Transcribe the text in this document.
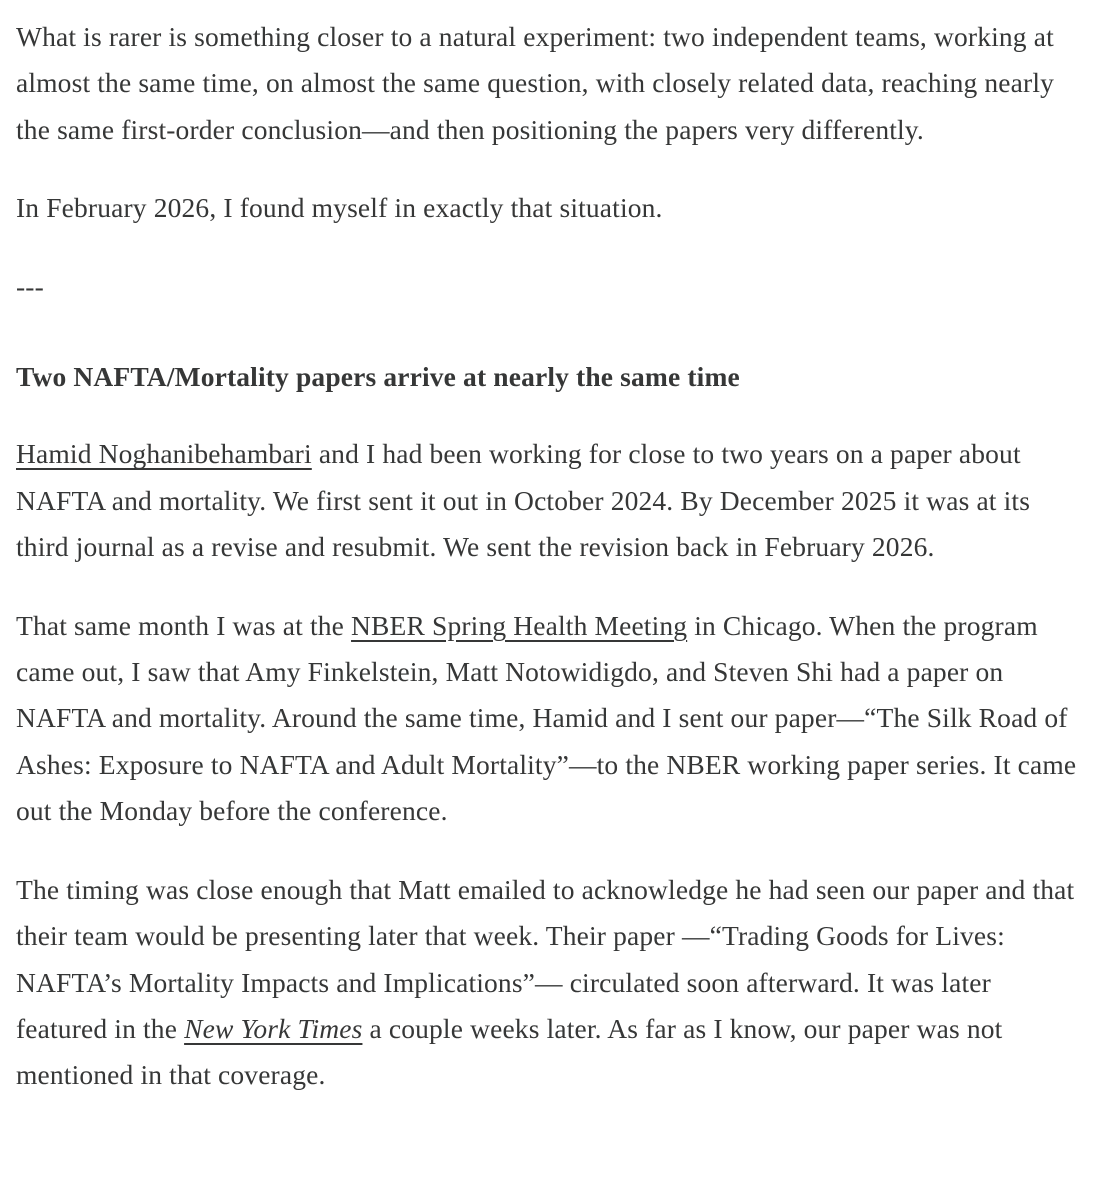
What is rarer is something closer to a natural experiment: two independent teams, working at almost the same time, on almost the same question, with closely related data, reaching nearly the same first-order conclusion—and then positioning the papers very differently.

In February 2026, I found myself in exactly that situation.

---

Two NAFTA/Mortality papers arrive at nearly the same time

Hamid Noghanibehambari and I had been working for close to two years on a paper about NAFTA and mortality. We first sent it out in October 2024. By December 2025 it was at its third journal as a revise and resubmit. We sent the revision back in February 2026.

That same month I was at the NBER Spring Health Meeting in Chicago. When the program came out, I saw that Amy Finkelstein, Matt Notowidigdo, and Steven Shi had a paper on NAFTA and mortality. Around the same time, Hamid and I sent our paper—“The Silk Road of Ashes: Exposure to NAFTA and Adult Mortality”—to the NBER working paper series. It came out the Monday before the conference.

The timing was close enough that Matt emailed to acknowledge he had seen our paper and that their team would be presenting later that week. Their paper —“Trading Goods for Lives: NAFTA’s Mortality Impacts and Implications”— circulated soon afterward. It was later featured in the New York Times a couple weeks later. As far as I know, our paper was not mentioned in that coverage.
